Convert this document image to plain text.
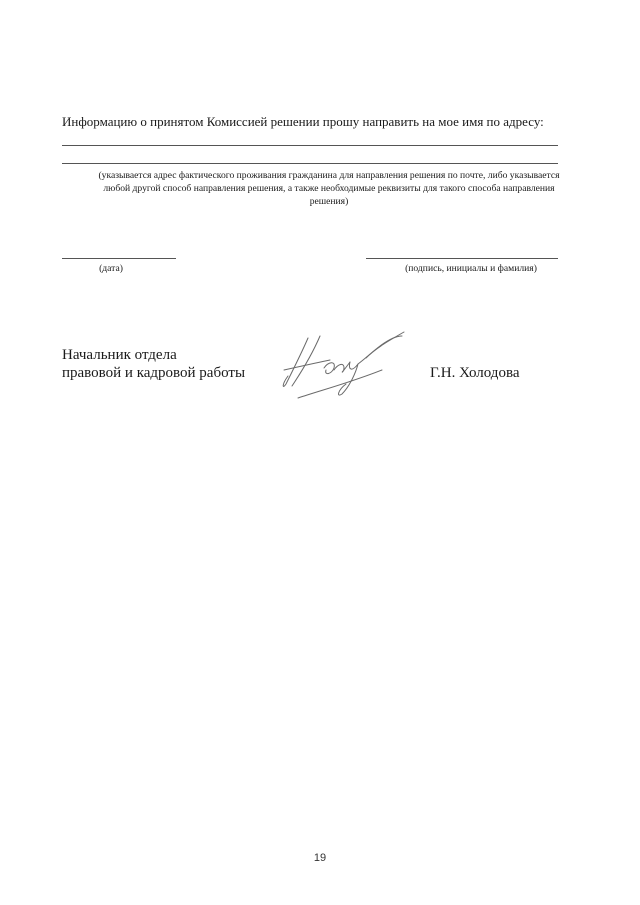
Информацию о принятом Комиссией решении прошу направить на мое имя по адресу:
(указывается адрес фактического проживания гражданина для направления решения по почте, либо указывается
любой другой способ направления решения, а также необходимые реквизиты для такого способа направления
решения)
(дата)	(подпись, инициалы и фамилия)
Начальник отдела
правовой и кадровой работы	Г.Н. Холодова
19
